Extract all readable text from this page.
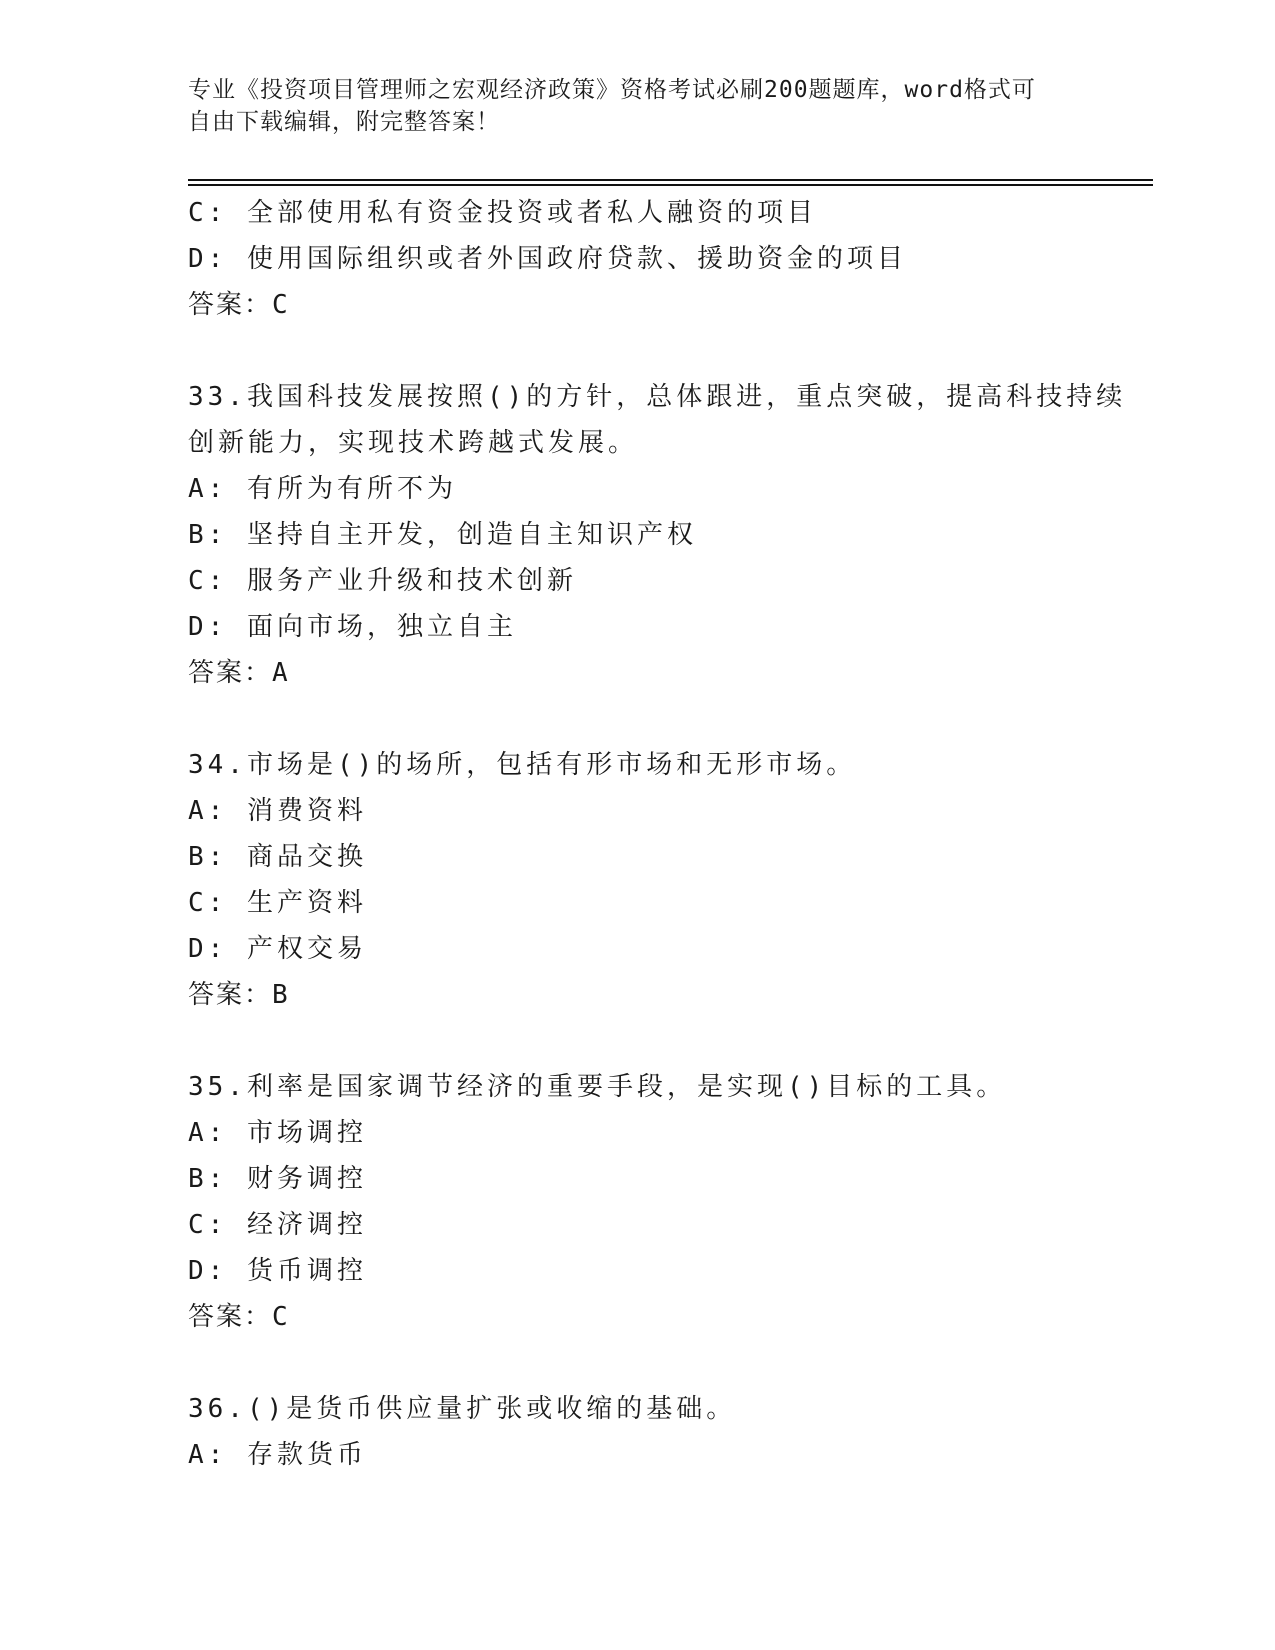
专业《投资项目管理师之宏观经济政策》资格考试必刷200题题库，word格式可
自由下载编辑，附完整答案！
C: 全部使用私有资金投资或者私人融资的项目
D: 使用国际组织或者外国政府贷款、援助资金的项目
答案：C
33.我国科技发展按照()的方针，总体跟进，重点突破，提高科技持续
创新能力，实现技术跨越式发展。
A: 有所为有所不为
B: 坚持自主开发，创造自主知识产权
C: 服务产业升级和技术创新
D: 面向市场，独立自主
答案：A
34.市场是()的场所，包括有形市场和无形市场。
A: 消费资料
B: 商品交换
C: 生产资料
D: 产权交易
答案：B
35.利率是国家调节经济的重要手段，是实现()目标的工具。
A: 市场调控
B: 财务调控
C: 经济调控
D: 货币调控
答案：C
36.()是货币供应量扩张或收缩的基础。
A: 存款货币
